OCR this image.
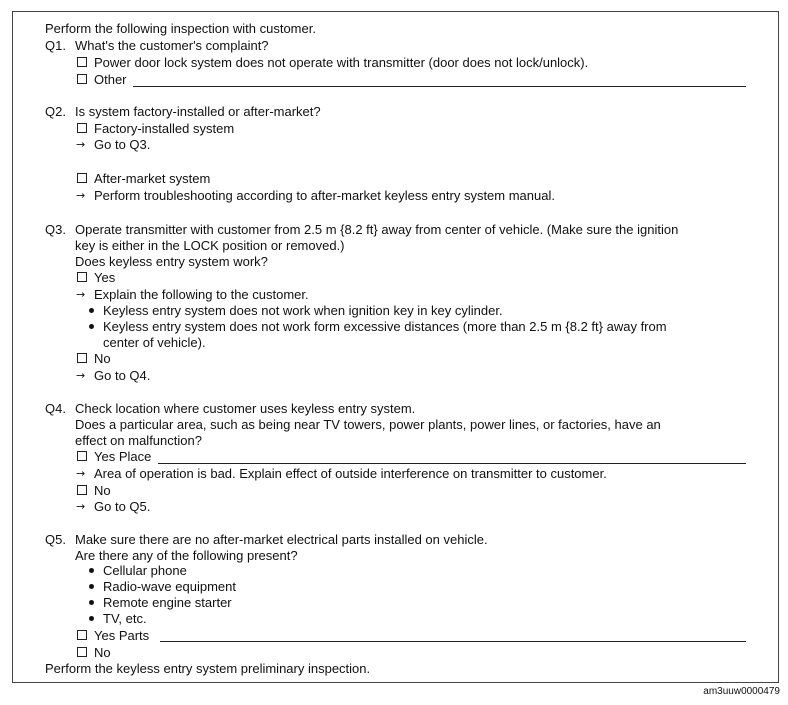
Perform the following inspection with customer.
Q1. What's the customer's complaint?
Power door lock system does not operate with transmitter (door does not lock/unlock).
Other
Q2. Is system factory-installed or after-market?
Factory-installed system
→ Go to Q3.
After-market system
→ Perform troubleshooting according to after-market keyless entry system manual.
Q3. Operate transmitter with customer from 2.5 m {8.2 ft} away from center of vehicle. (Make sure the ignition
key is either in the LOCK position or removed.)
Does keyless entry system work?
Yes
→ Explain the following to the customer.
Keyless entry system does not work when ignition key in key cylinder.
Keyless entry system does not work form excessive distances (more than 2.5 m {8.2 ft} away from
center of vehicle).
No
→ Go to Q4.
Q4. Check location where customer uses keyless entry system.
Does a particular area, such as being near TV towers, power plants, power lines, or factories, have an
effect on malfunction?
Yes Place
→ Area of operation is bad. Explain effect of outside interference on transmitter to customer.
No
→ Go to Q5.
Q5. Make sure there are no after-market electrical parts installed on vehicle.
Are there any of the following present?
Cellular phone
Radio-wave equipment
Remote engine starter
TV, etc.
Yes Parts
No
Perform the keyless entry system preliminary inspection.
am3uuw0000479
